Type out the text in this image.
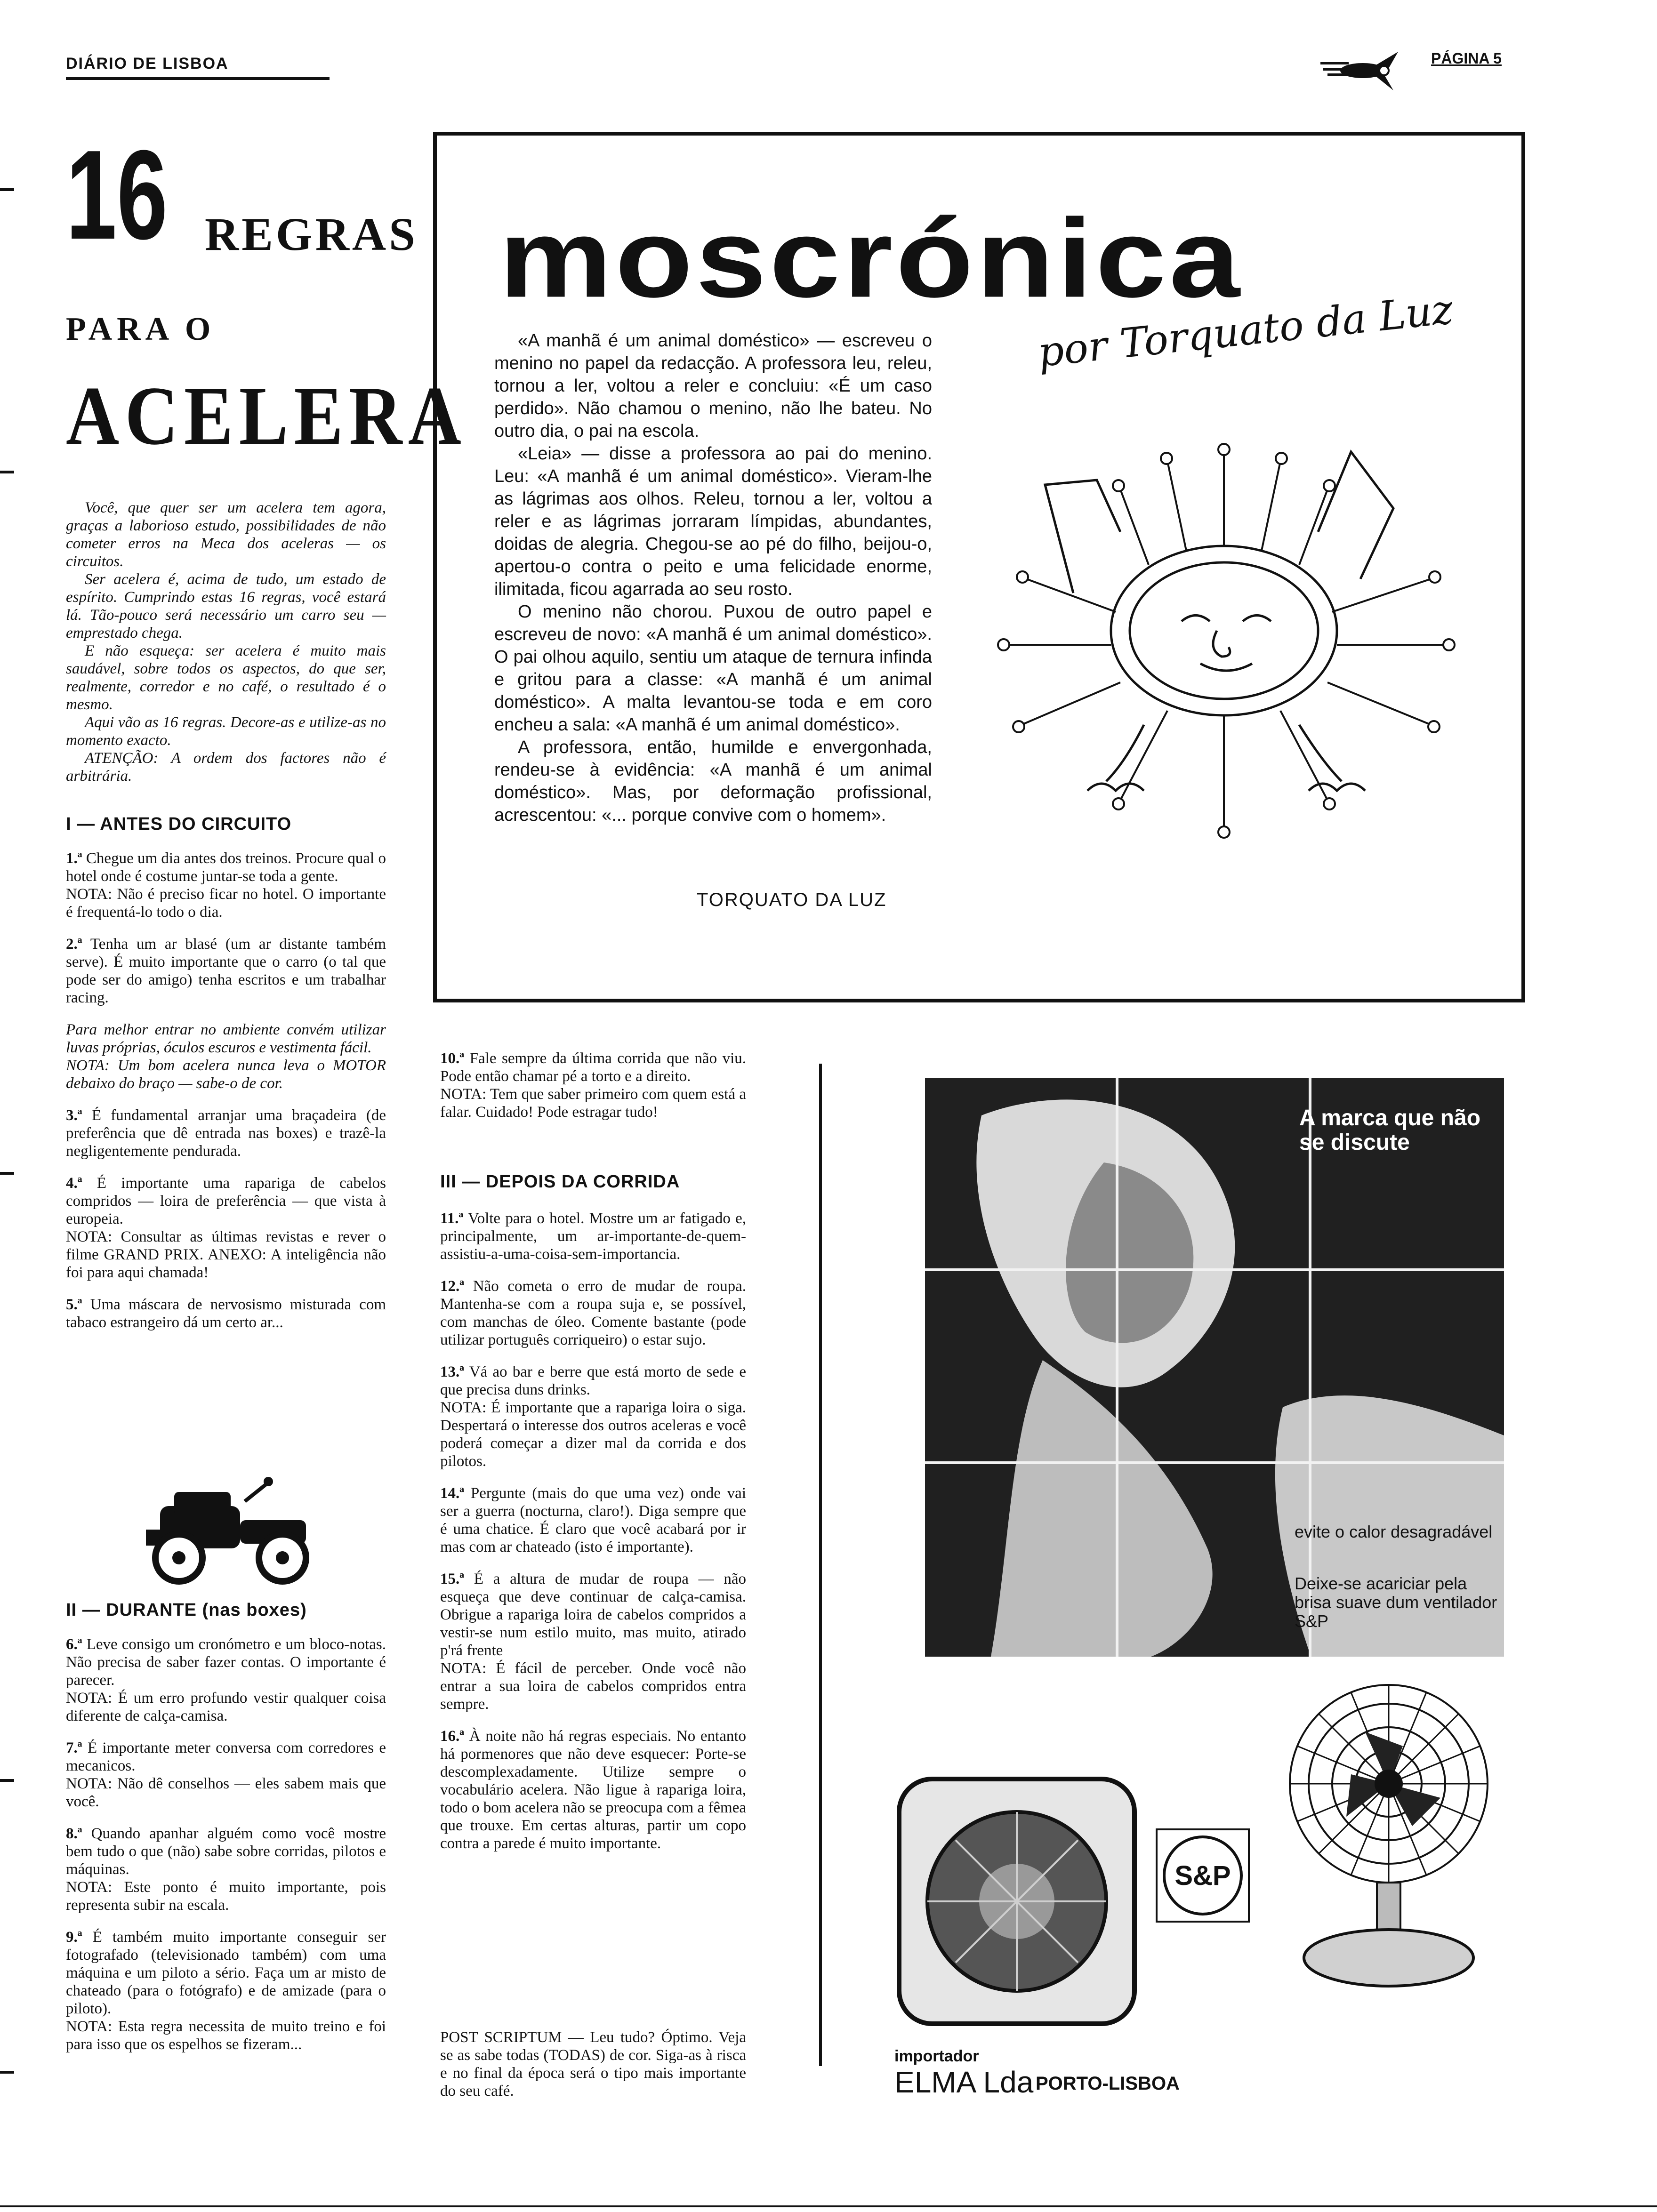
DIÁRIO DE LISBOA	PÁGINA 5
16 REGRAS
PARA O
ACELERA

Você, que quer ser um acelera tem agora, graças a laborioso estudo, possibilidades de não cometer erros na Meca dos aceleras — os circuitos.

Ser acelera é, acima de tudo, um estado de espírito. Cumprindo estas 16 regras, você estará lá. Tão-pouco será necessário um carro seu — emprestado chega.

E não esqueça: ser acelera é muito mais saudável, sobre todos os aspectos, do que ser, realmente, corredor e no café, o resultado é o mesmo.

Aqui vão as 16 regras. Decore-as e utilize-as no momento exacto.

ATENÇÃO: A ordem dos factores não é arbitrária.

I — ANTES DO CIRCUITO
1.ª Chegue um dia antes dos treinos. Procure qual o hotel onde é costume juntar-se toda a gente.

NOTA: Não é preciso ficar no hotel. O importante é frequentá-lo todo o dia.

2.ª Tenha um ar blasé (um ar distante também serve). É muito importante que o carro (o tal que pode ser do amigo) tenha escritos e um trabalhar racing.
Para melhor entrar no ambiente convém utilizar luvas próprias, óculos escuros e vestimenta fácil.

NOTA: Um bom acelera nunca leva o MOTOR debaixo do braço — sabe-o de cor.

3.ª É fundamental arranjar uma braçadeira (de preferência que dê entrada nas boxes) e trazê-la negligentemente pendurada.
4.ª É importante uma rapariga de cabelos compridos — loira de preferência — que vista à europeia.

NOTA: Consultar as últimas revistas e rever o filme GRAND PRIX. ANEXO: A inteligência não foi para aqui chamada!

5.ª Uma máscara de nervosismo misturada com tabaco estrangeiro dá um certo ar...
II — DURANTE (nas boxes)
6.ª Leve consigo um cronómetro e um bloco-notas. Não precisa de saber fazer contas. O importante é parecer.

NOTA: É um erro profundo vestir qualquer coisa diferente de calça-camisa.

7.ª É importante meter conversa com corredores e mecanicos.

NOTA: Não dê conselhos — eles sabem mais que você.

8.ª Quando apanhar alguém como você mostre bem tudo o que (não) sabe sobre corridas, pilotos e máquinas.

NOTA: Este ponto é muito importante, pois representa subir na escala.

9.ª É também muito importante conseguir ser fotografado (televisionado também) com uma máquina e um piloto a sério. Faça um ar misto de chateado (para o fotógrafo) e de amizade (para o piloto).

NOTA: Esta regra necessita de muito treino e foi para isso que os espelhos se fizeram...

moscrónica
por Torquato da Luz

«A manhã é um animal doméstico» — escreveu o menino no papel da redacção. A professora leu, releu, tornou a ler, voltou a reler e concluiu: «É um caso perdido». Não chamou o menino, não lhe bateu. No outro dia, o pai na escola.

«Leia» — disse a professora ao pai do menino. Leu: «A manhã é um animal doméstico». Vieram-lhe as lágrimas aos olhos. Releu, tornou a ler, voltou a reler e as lágrimas jorraram límpidas, abundantes, doidas de alegria. Chegou-se ao pé do filho, beijou-o, apertou-o contra o peito e uma felicidade enorme, ilimitada, ficou agarrada ao seu rosto.

O menino não chorou. Puxou de outro papel e escreveu de novo: «A manhã é um animal doméstico». O pai olhou aquilo, sentiu um ataque de ternura infinda e gritou para a classe: «A manhã é um animal doméstico». A malta levantou-se toda e em coro encheu a sala: «A manhã é um animal doméstico».

A professora, então, humilde e envergonhada, rendeu-se à evidência: «A manhã é um animal doméstico». Mas, por deformação profissional, acrescentou: «... porque convive com o homem».

TORQUATO DA LUZ
10.ª Fale sempre da última corrida que não viu. Pode então chamar pé a torto e a direito.

NOTA: Tem que saber primeiro com quem está a falar. Cuidado! Pode estragar tudo!

III — DEPOIS DA CORRIDA
11.ª Volte para o hotel. Mostre um ar fatigado e, principalmente, um ar-importante-de-quem-assistiu-a-uma-coisa-sem-importancia.
12.ª Não cometa o erro de mudar de roupa. Mantenha-se com a roupa suja e, se possível, com manchas de óleo. Comente bastante (pode utilizar português corriqueiro) o estar sujo.
13.ª Vá ao bar e berre que está morto de sede e que precisa duns drinks.

NOTA: É importante que a rapariga loira o siga. Despertará o interesse dos outros aceleras e você poderá começar a dizer mal da corrida e dos pilotos.

14.ª Pergunte (mais do que uma vez) onde vai ser a guerra (nocturna, claro!). Diga sempre que é uma chatice. É claro que você acabará por ir mas com ar chateado (isto é importante).
15.ª É a altura de mudar de roupa — não esqueça que deve continuar de calça-camisa. Obrigue a rapariga loira de cabelos compridos a vestir-se num estilo muito, mas muito, atirado p'rá frente

NOTA: É fácil de perceber. Onde você não entrar a sua loira de cabelos compridos entra sempre.

16.ª À noite não há regras especiais. No entanto há pormenores que não deve esquecer: Porte-se descomplexadamente. Utilize sempre o vocabulário acelera. Não ligue à rapariga loira, todo o bom acelera não se preocupa com a fêmea que trouxe. Em certas alturas, partir um copo contra a parede é muito importante.
POST SCRIPTUM — Leu tudo? Óptimo. Veja se as sabe todas (TODAS) de cor. Siga-as à risca e no final da época será o tipo mais importante do seu café.
A marca que não se discute
evite o calor desagradável
Deixe-se acariciar pela brisa suave dum ventilador S&P
S&P
importador
ELMA Lda PORTO-LISBOA
